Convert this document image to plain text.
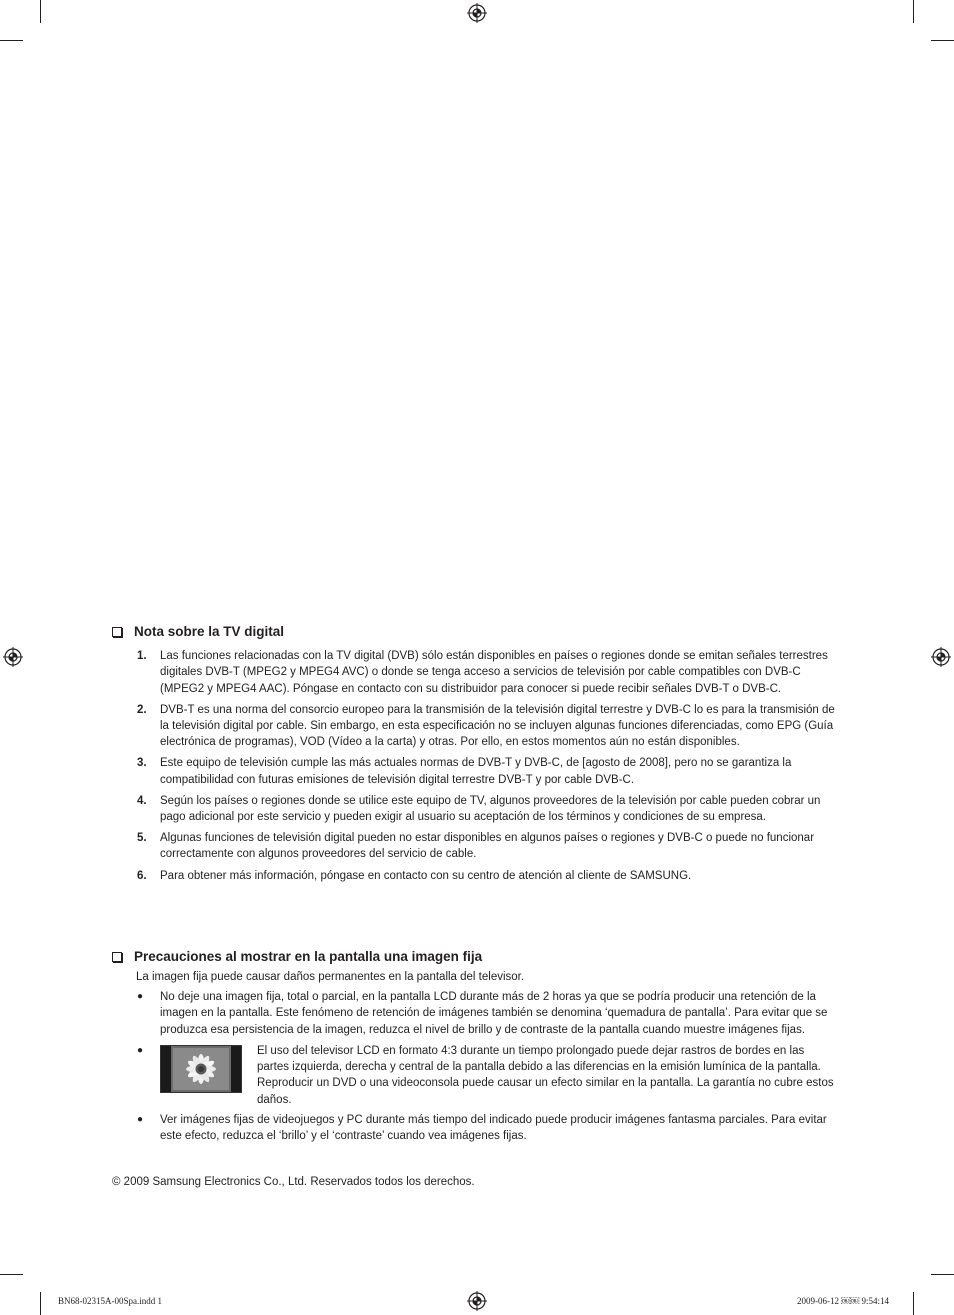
Nota sobre la TV digital
1. Las funciones relacionadas con la TV digital (DVB) sólo están disponibles en países o regiones donde se emitan señales terrestres digitales DVB-T (MPEG2 y MPEG4 AVC) o donde se tenga acceso a servicios de televisión por cable compatibles con DVB-C (MPEG2 y MPEG4 AAC). Póngase en contacto con su distribuidor para conocer si puede recibir señales DVB-T o DVB-C.
2. DVB-T es una norma del consorcio europeo para la transmisión de la televisión digital terrestre y DVB-C lo es para la transmisión de la televisión digital por cable. Sin embargo, en esta especificación no se incluyen algunas funciones diferenciadas, como EPG (Guía electrónica de programas), VOD (Vídeo a la carta) y otras. Por ello, en estos momentos aún no están disponibles.
3. Este equipo de televisión cumple las más actuales normas de DVB-T y DVB-C, de [agosto de 2008], pero no se garantiza la compatibilidad con futuras emisiones de televisión digital terrestre DVB-T y por cable DVB-C.
4. Según los países o regiones donde se utilice este equipo de TV, algunos proveedores de la televisión por cable pueden cobrar un pago adicional por este servicio y pueden exigir al usuario su aceptación de los términos y condiciones de su empresa.
5. Algunas funciones de televisión digital pueden no estar disponibles en algunos países o regiones y DVB-C o puede no funcionar correctamente con algunos proveedores del servicio de cable.
6. Para obtener más información, póngase en contacto con su centro de atención al cliente de SAMSUNG.
Precauciones al mostrar en la pantalla una imagen fija
La imagen fija puede causar daños permanentes en la pantalla del televisor.
● No deje una imagen fija, total o parcial, en la pantalla LCD durante más de 2 horas ya que se podría producir una retención de la imagen en la pantalla. Este fenómeno de retención de imágenes también se denomina ‘quemadura de pantalla’. Para evitar que se produzca esa persistencia de la imagen, reduzca el nivel de brillo y de contraste de la pantalla cuando muestre imágenes fijas.
●	El uso del televisor LCD en formato 4:3 durante un tiempo prolongado puede dejar rastros de bordes en las partes izquierda, derecha y central de la pantalla debido a las diferencias en la emisión lumínica de la pantalla. Reproducir un DVD o una videoconsola puede causar un efecto similar en la pantalla. La garantía no cubre estos daños.
● Ver imágenes fijas de videojuegos y PC durante más tiempo del indicado puede producir imágenes fantasma parciales. Para evitar este efecto, reduzca el ‘brillo’ y el ‘contraste’ cuando vea imágenes fijas.
© 2009 Samsung Electronics Co., Ltd. Reservados todos los derechos.
BN68-02315A-00Spa.indd 1	2009-06-12 ￼￼ 9:54:14
